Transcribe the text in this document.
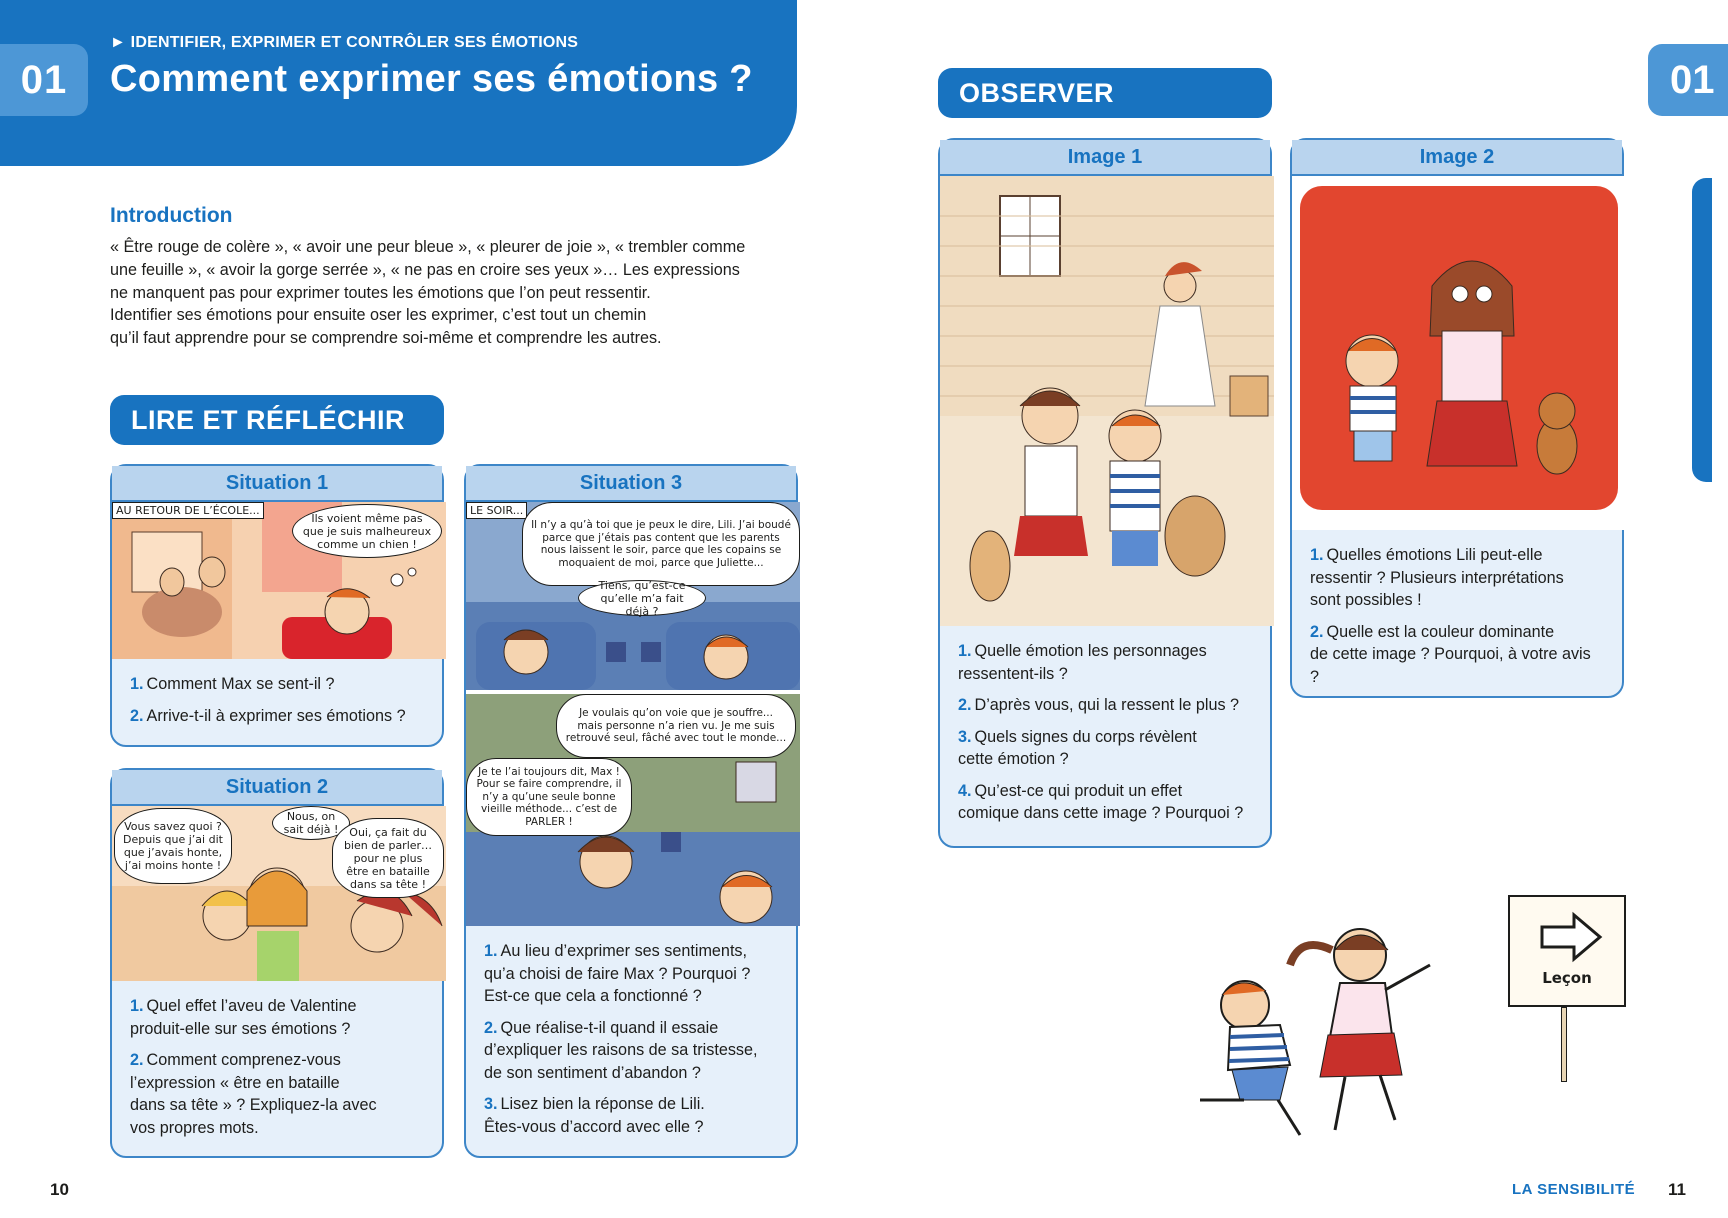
01
► IDENTIFIER, EXPRIMER ET CONTRÔLER SES ÉMOTIONS
Comment exprimer ses émotions ?
Introduction

« Être rouge de colère », « avoir une peur bleue », « pleurer de joie », « trembler comme

une feuille », « avoir la gorge serrée », « ne pas en croire ses yeux »… Les expressions

ne manquent pas pour exprimer toutes les émotions que l’on peut ressentir.

Identifier ses émotions pour ensuite oser les exprimer, c’est tout un chemin

qu’il faut apprendre pour se comprendre soi-même et comprendre les autres.

LIRE ET RÉFLÉCHIR
OBSERVER
Situation 1
AU RETOUR DE L’ÉCOLE...
Ils voient même pas que je suis malheureux comme un chien !
1. Comment Max se sent-il ?
2. Arrive-t-il à exprimer ses émotions ?
Situation 2
Vous savez quoi ? Depuis que j’ai dit que j’avais honte, j’ai moins honte !
Nous, on sait déjà ! Oui, ça fait du bien de parler… pour ne plus être en bataille dans sa tête !
1. Quel effet l’aveu de Valentine
produit-elle sur ses émotions ?
2. Comment comprenez-vous
l’expression « être en bataille
dans sa tête » ? Expliquez-la avec
vos propres mots.
Situation 3
LE SOIR...
Il n’y a qu’à toi que je peux le dire, Lili. J’ai boudé parce que j’étais pas content que les parents nous laissent le soir, parce que les copains se moquaient de moi, parce que Juliette...
Tiens, qu’est-ce qu’elle m’a fait déjà ?
Je voulais qu’on voie que je souffre... mais personne n’a rien vu. Je me suis retrouvé seul, fâché avec tout le monde...
Je te l’ai toujours dit, Max ! Pour se faire comprendre, il n’y a qu’une seule bonne vieille méthode... c’est de PARLER !
1. Au lieu d’exprimer ses sentiments,
qu’a choisi de faire Max ? Pourquoi ?
Est-ce que cela a fonctionné ?
2. Que réalise-t-il quand il essaie
d’expliquer les raisons de sa tristesse,
de son sentiment d’abandon ?
3. Lisez bien la réponse de Lili.
Êtes-vous d’accord avec elle ?
Image 1
1. Quelle émotion les personnages
ressentent-ils ?
2. D’après vous, qui la ressent le plus ?
3. Quels signes du corps révèlent
cette émotion ?
4. Qu’est-ce qui produit un effet
comique dans cette image ? Pourquoi ?
Image 2
1. Quelles émotions Lili peut-elle
ressentir ? Plusieurs interprétations
sont possibles !
2. Quelle est la couleur dominante
de cette image ? Pourquoi, à votre avis ?
Leçon
01
10	LA SENSIBILITÉ 11
